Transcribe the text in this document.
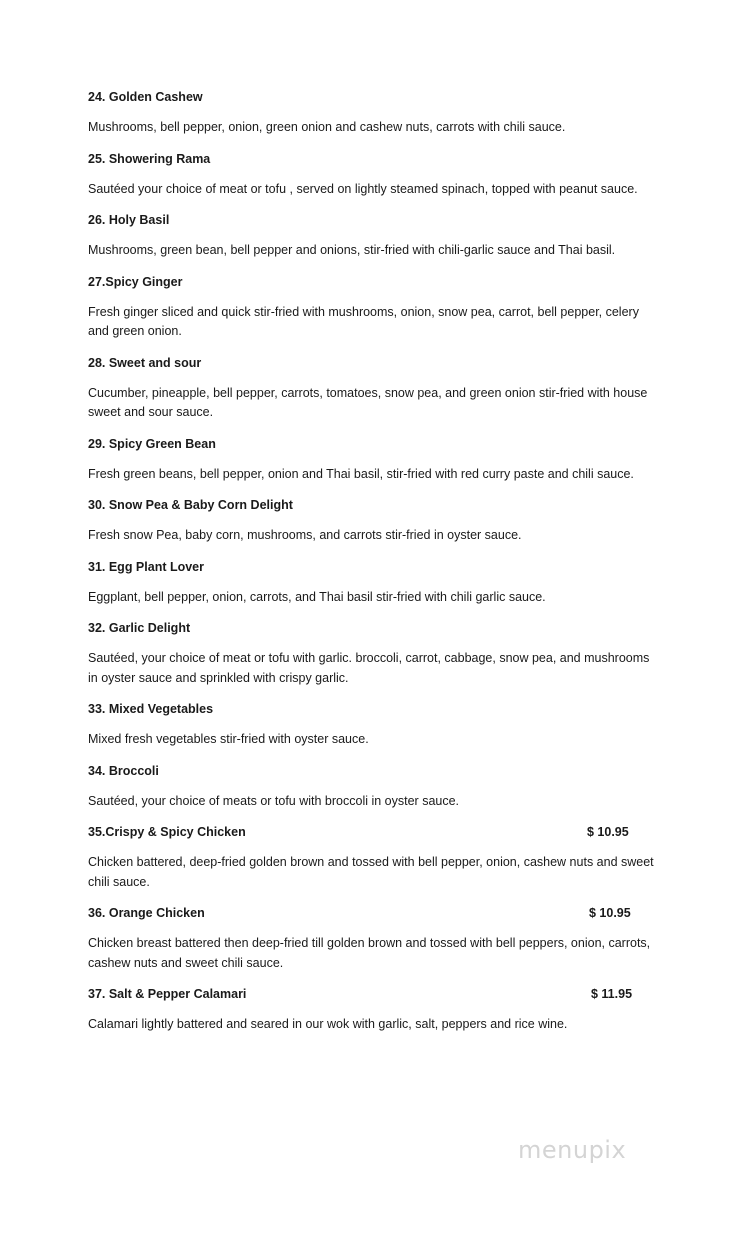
24. Golden Cashew

Mushrooms, bell pepper, onion, green onion and cashew nuts, carrots with chili sauce.

25. Showering Rama

Sautéed your choice of meat or tofu , served on lightly steamed spinach, topped with peanut sauce.

26. Holy Basil

Mushrooms, green bean, bell pepper and onions, stir-fried with chili-garlic sauce and Thai basil.

27.Spicy Ginger

Fresh ginger sliced and quick stir-fried with mushrooms, onion, snow pea, carrot, bell pepper, celery and green onion.

28. Sweet and sour

Cucumber, pineapple, bell pepper, carrots, tomatoes, snow pea, and green onion stir-fried with house sweet and sour sauce.

29. Spicy Green Bean

Fresh green beans, bell pepper, onion and Thai basil, stir-fried with red curry paste and chili sauce.

30. Snow Pea & Baby Corn Delight

Fresh snow Pea, baby corn, mushrooms, and carrots stir-fried in oyster sauce.

31. Egg Plant Lover

Eggplant, bell pepper, onion, carrots, and Thai basil stir-fried with chili garlic sauce.

32. Garlic Delight

Sautéed, your choice of meat or tofu with garlic. broccoli, carrot, cabbage, snow pea, and mushrooms in oyster sauce and sprinkled with crispy garlic.

33. Mixed Vegetables

Mixed fresh vegetables stir-fried with oyster sauce.

34. Broccoli

Sautéed, your choice of meats or tofu with broccoli in oyster sauce.

35.Crispy & Spicy Chicken	$ 10.95

Chicken battered, deep-fried golden brown and tossed with bell pepper, onion, cashew nuts and sweet chili sauce.

36. Orange Chicken	$ 10.95

Chicken breast battered then deep-fried till golden brown and tossed with bell peppers, onion, carrots, cashew nuts and sweet chili sauce.

37. Salt & Pepper Calamari	$ 11.95

Calamari lightly battered and seared in our wok with garlic, salt, peppers and rice wine.

menupix
